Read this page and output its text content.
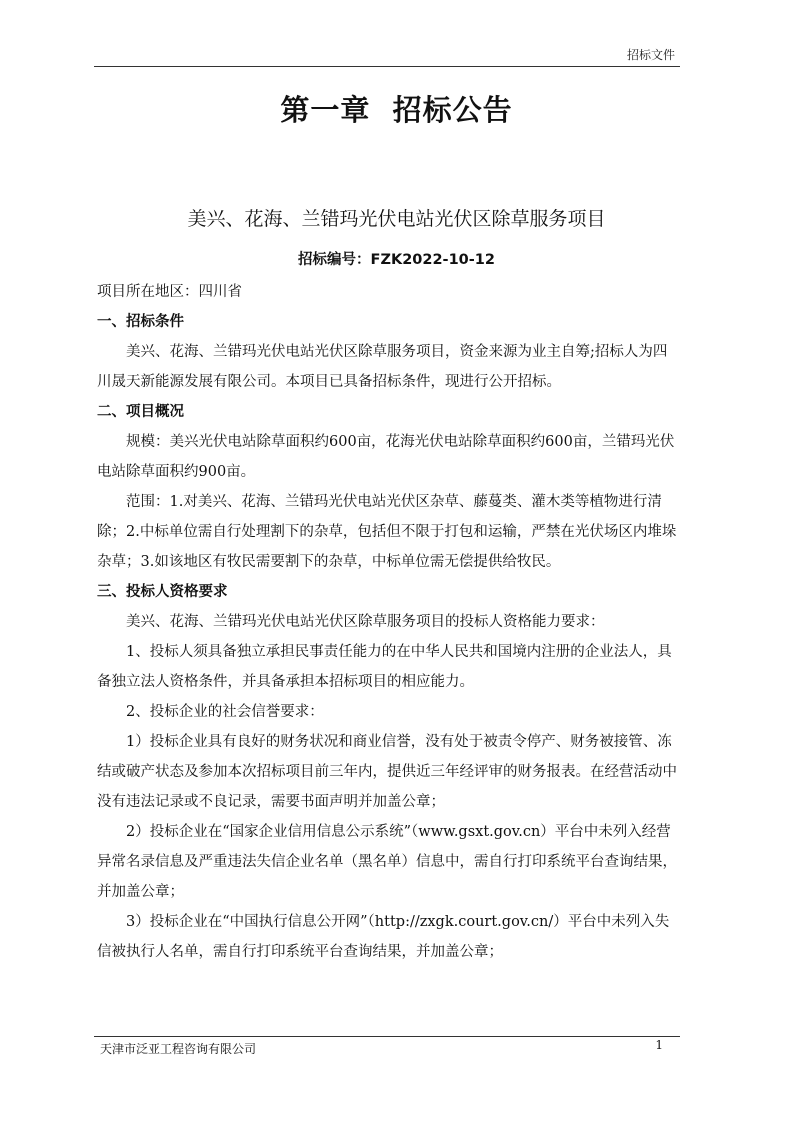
招标文件
第一章  招标公告
美兴、花海、兰错玛光伏电站光伏区除草服务项目
招标编号：FZK2022-10-12

项目所在地区：四川省

一、招标条件

美兴、花海、兰错玛光伏电站光伏区除草服务项目，资金来源为业主自筹;招标人为四川晟天新能源发展有限公司。本项目已具备招标条件，现进行公开招标。

二、项目概况

规模：美兴光伏电站除草面积约600亩，花海光伏电站除草面积约600亩，兰错玛光伏电站除草面积约900亩。

范围：1.对美兴、花海、兰错玛光伏电站光伏区杂草、藤蔓类、灌木类等植物进行清除；2.中标单位需自行处理割下的杂草，包括但不限于打包和运输，严禁在光伏场区内堆垛杂草；3.如该地区有牧民需要割下的杂草，中标单位需无偿提供给牧民。

三、投标人资格要求

美兴、花海、兰错玛光伏电站光伏区除草服务项目的投标人资格能力要求：

1、投标人须具备独立承担民事责任能力的在中华人民共和国境内注册的企业法人，具备独立法人资格条件，并具备承担本招标项目的相应能力。

2、投标企业的社会信誉要求：

1）投标企业具有良好的财务状况和商业信誉，没有处于被责令停产、财务被接管、冻结或破产状态及参加本次招标项目前三年内，提供近三年经评审的财务报表。在经营活动中没有违法记录或不良记录，需要书面声明并加盖公章；

2）投标企业在“国家企业信用信息公示系统”（www.gsxt.gov.cn）平台中未列入经营异常名录信息及严重违法失信企业名单（黑名单）信息中，需自行打印系统平台查询结果，并加盖公章；

3）投标企业在“中国执行信息公开网”（http://zxgk.court.gov.cn/）平台中未列入失信被执行人名单，需自行打印系统平台查询结果，并加盖公章；

天津市泛亚工程咨询有限公司	1
